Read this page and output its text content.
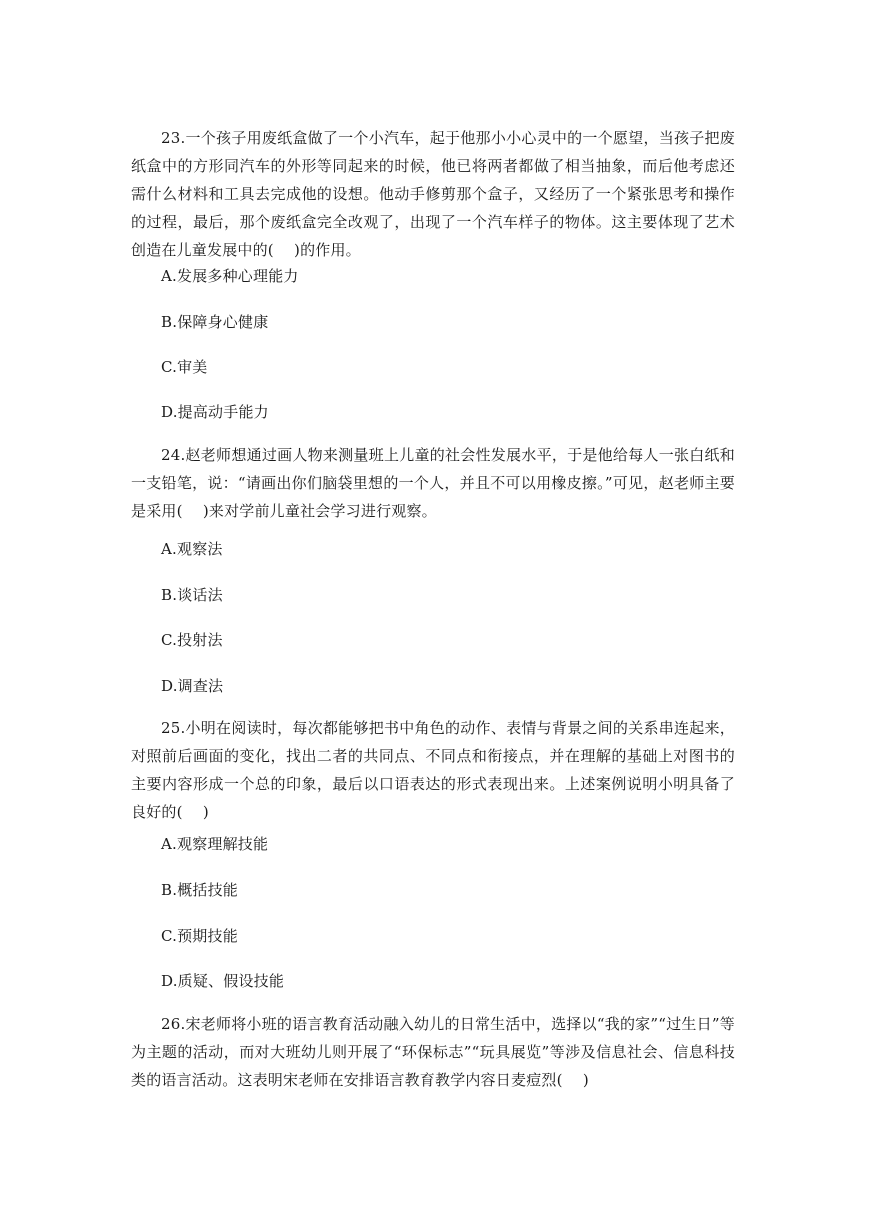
23.一个孩子用废纸盒做了一个小汽车，起于他那小小心灵中的一个愿望，当孩子把废纸盒中的方形同汽车的外形等同起来的时候，他已将两者都做了相当抽象，而后他考虑还需什么材料和工具去完成他的设想。他动手修剪那个盒子，又经历了一个紧张思考和操作的过程，最后，那个废纸盒完全改观了，出现了一个汽车样子的物体。这主要体现了艺术创造在儿童发展中的(　 )的作用。

A.发展多种心理能力

B.保障身心健康

C.审美

D.提高动手能力

24.赵老师想通过画人物来测量班上儿童的社会性发展水平，于是他给每人一张白纸和一支铅笔，说：“请画出你们脑袋里想的一个人，并且不可以用橡皮擦。”可见，赵老师主要是采用(　 )来对学前儿童社会学习进行观察。

A.观察法

B.谈话法

C.投射法

D.调查法

25.小明在阅读时，每次都能够把书中角色的动作、表情与背景之间的关系串连起来，对照前后画面的变化，找出二者的共同点、不同点和衔接点，并在理解的基础上对图书的主要内容形成一个总的印象，最后以口语表达的形式表现出来。上述案例说明小明具备了良好的(　 )

A.观察理解技能

B.概括技能

C.预期技能

D.质疑、假设技能

26.宋老师将小班的语言教育活动融入幼儿的日常生活中，选择以“我的家”“过生日”等为主题的活动，而对大班幼儿则开展了“环保标志”“玩具展览”等涉及信息社会、信息科技类的语言活动。这表明宋老师在安排语言教育教学内容日麦痘烈(　 )
